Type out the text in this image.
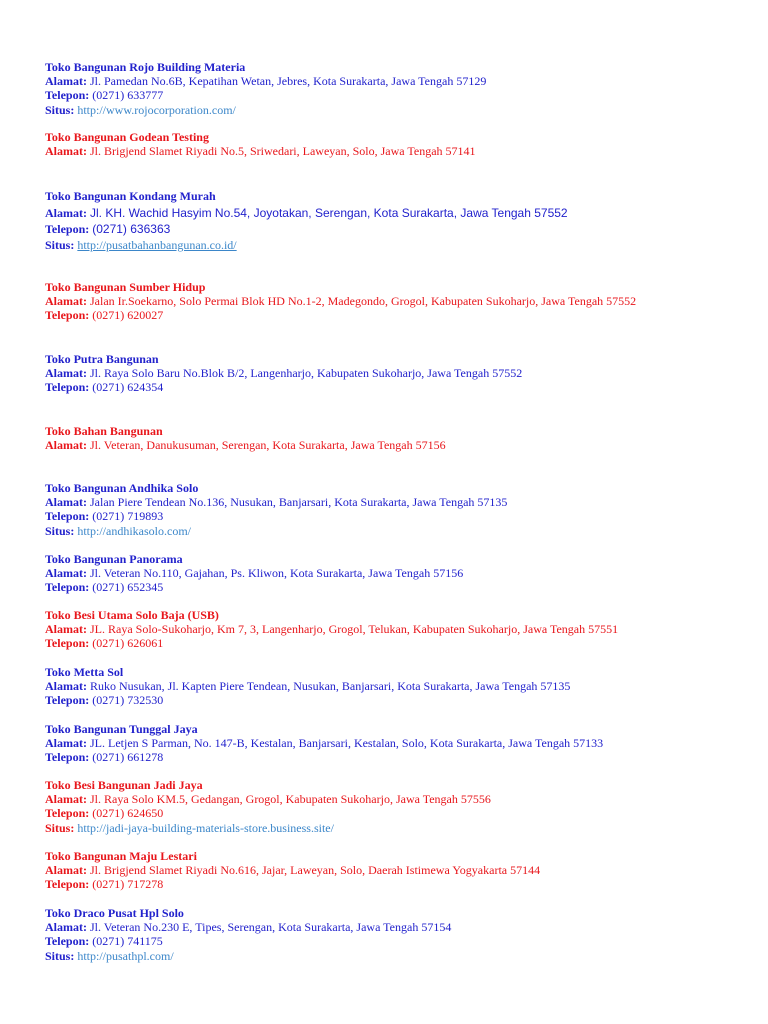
Toko Bangunan Rojo Building Materia
Alamat: Jl. Pamedan No.6B, Kepatihan Wetan, Jebres, Kota Surakarta, Jawa Tengah 57129
Telepon: (0271) 633777
Situs: http://www.rojocorporation.com/
Toko Bangunan Godean Testing
Alamat: Jl. Brigjend Slamet Riyadi No.5, Sriwedari, Laweyan, Solo, Jawa Tengah 57141
Toko Bangunan Kondang Murah
Alamat: Jl. KH. Wachid Hasyim No.54, Joyotakan, Serengan, Kota Surakarta, Jawa Tengah 57552
Telepon: (0271) 636363
Situs: http://pusatbahanbangunan.co.id/
Toko Bangunan Sumber Hidup
Alamat: Jalan Ir.Soekarno, Solo Permai Blok HD No.1-2, Madegondo, Grogol, Kabupaten Sukoharjo, Jawa Tengah 57552
Telepon: (0271) 620027
Toko Putra Bangunan
Alamat: Jl. Raya Solo Baru No.Blok B/2, Langenharjo, Kabupaten Sukoharjo, Jawa Tengah 57552
Telepon: (0271) 624354
Toko Bahan Bangunan
Alamat: Jl. Veteran, Danukusuman, Serengan, Kota Surakarta, Jawa Tengah 57156
Toko Bangunan Andhika Solo
Alamat: Jalan Piere Tendean No.136, Nusukan, Banjarsari, Kota Surakarta, Jawa Tengah 57135
Telepon: (0271) 719893
Situs: http://andhikasolo.com/
Toko Bangunan Panorama
Alamat: Jl. Veteran No.110, Gajahan, Ps. Kliwon, Kota Surakarta, Jawa Tengah 57156
Telepon: (0271) 652345
Toko Besi Utama Solo Baja (USB)
Alamat: JL. Raya Solo-Sukoharjo, Km 7, 3, Langenharjo, Grogol, Telukan, Kabupaten Sukoharjo, Jawa Tengah 57551
Telepon: (0271) 626061
Toko Metta Sol
Alamat: Ruko Nusukan, Jl. Kapten Piere Tendean, Nusukan, Banjarsari, Kota Surakarta, Jawa Tengah 57135
Telepon: (0271) 732530
Toko Bangunan Tunggal Jaya
Alamat: JL. Letjen S Parman, No. 147-B, Kestalan, Banjarsari, Kestalan, Solo, Kota Surakarta, Jawa Tengah 57133
Telepon: (0271) 661278
Toko Besi Bangunan Jadi Jaya
Alamat: Jl. Raya Solo KM.5, Gedangan, Grogol, Kabupaten Sukoharjo, Jawa Tengah 57556
Telepon: (0271) 624650
Situs: http://jadi-jaya-building-materials-store.business.site/
Toko Bangunan Maju Lestari
Alamat: Jl. Brigjend Slamet Riyadi No.616, Jajar, Laweyan, Solo, Daerah Istimewa Yogyakarta 57144
Telepon: (0271) 717278
Toko Draco Pusat Hpl Solo
Alamat: Jl. Veteran No.230 E, Tipes, Serengan, Kota Surakarta, Jawa Tengah 57154
Telepon: (0271) 741175
Situs: http://pusathpl.com/
